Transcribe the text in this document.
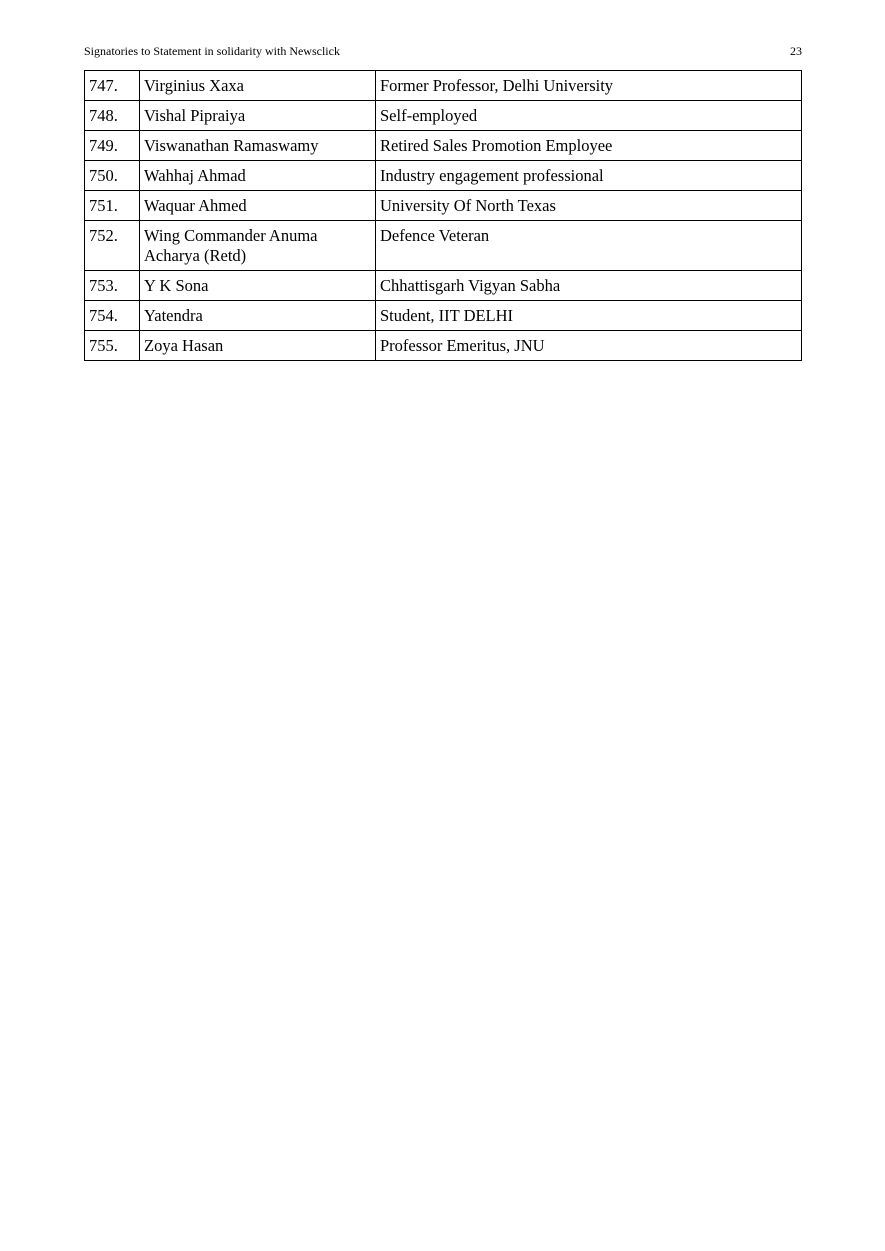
Signatories to Statement in solidarity with Newsclick	23
747.	Virginius Xaxa	Former Professor, Delhi University
748.	Vishal Pipraiya	Self-employed
749.	Viswanathan Ramaswamy	Retired Sales Promotion Employee
750.	Wahhaj Ahmad	Industry engagement professional
751.	Waquar Ahmed	University Of North Texas
752.	Wing Commander Anuma Acharya (Retd)	Defence Veteran
753.	Y K Sona	Chhattisgarh Vigyan Sabha
754.	Yatendra	Student, IIT DELHI
755.	Zoya Hasan	Professor Emeritus, JNU
